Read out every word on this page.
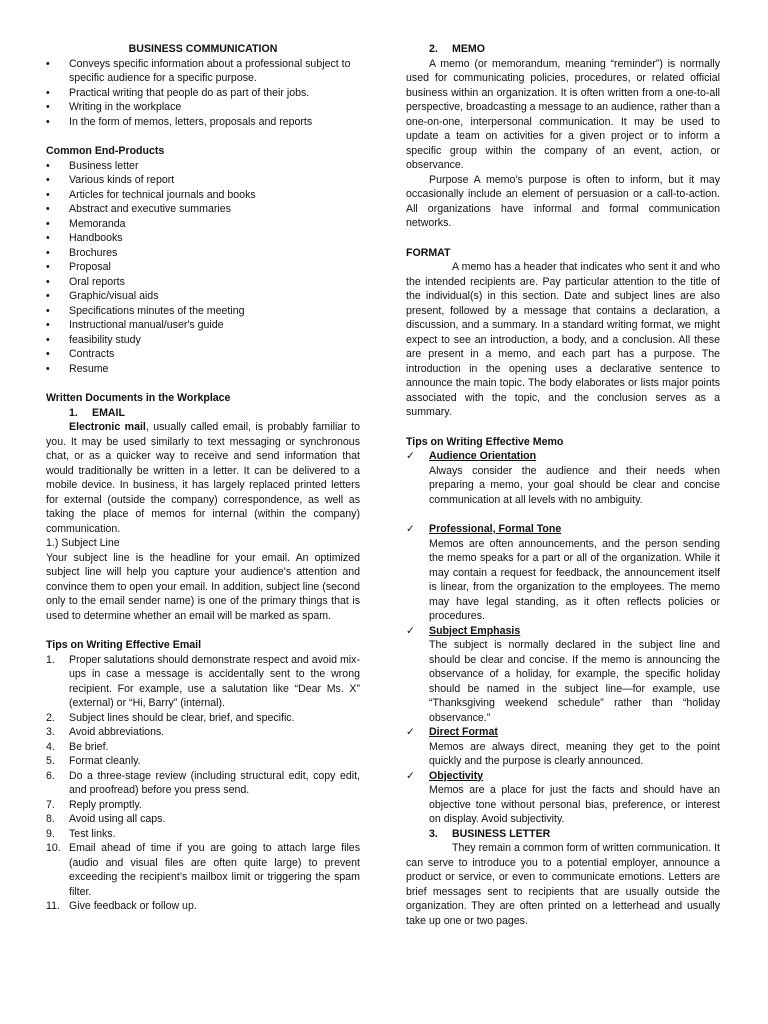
BUSINESS COMMUNICATION

• Conveys specific information about a professional subject to specific audience for a specific purpose.
• Practical writing that people do as part of their jobs.
• Writing in the workplace
• In the form of memos, letters, proposals and reports

Common End-Products

• Business letter
• Various kinds of report
• Articles for technical journals and books
• Abstract and executive summaries
• Memoranda
• Handbooks
• Brochures
• Proposal
• Oral reports
• Graphic/visual aids
• Specifications minutes of the meeting
• Instructional manual/user's guide
• feasibility study
• Contracts
• Resume

Written Documents in the Workplace

1. EMAIL

Electronic mail, usually called email, is probably familiar to you. It may be used similarly to text messaging or synchronous chat, or as a quicker way to receive and send information that would traditionally be written in a letter. It can be delivered to a mobile device. In business, it has largely replaced printed letters for external (outside the company) correspondence, as well as taking the place of memos for internal (within the company) communication.

1.) Subject Line

Your subject line is the headline for your email. An optimized subject line will help you capture your audience's attention and convince them to open your email. In addition, subject line (second only to the email sender name) is one of the primary things that is used to determine whether an email will be marked as spam.

Tips on Writing Effective Email

1. Proper salutations should demonstrate respect and avoid mix-ups in case a message is accidentally sent to the wrong recipient. For example, use a salutation like “Dear Ms. X” (external) or “Hi, Barry” (internal).
2. Subject lines should be clear, brief, and specific.
3. Avoid abbreviations.
4. Be brief.
5. Format cleanly.
6. Do a three-stage review (including structural edit, copy edit, and proofread) before you press send.
7. Reply promptly.
8. Avoid using all caps.
9. Test links.
10. Email ahead of time if you are going to attach large files (audio and visual files are often quite large) to prevent exceeding the recipient’s mailbox limit or triggering the spam filter.
11. Give feedback or follow up.
2. MEMO

A memo (or memorandum, meaning “reminder”) is normally used for communicating policies, procedures, or related official business within an organization. It is often written from a one-to-all perspective, broadcasting a message to an audience, rather than a one-on-one, interpersonal communication. It may be used to update a team on activities for a given project or to inform a specific group within the company of an event, action, or observance.

Purpose A memo’s purpose is often to inform, but it may occasionally include an element of persuasion or a call-to-action. All organizations have informal and formal communication networks.

FORMAT

A memo has a header that indicates who sent it and who the intended recipients are. Pay particular attention to the title of the individual(s) in this section. Date and subject lines are also present, followed by a message that contains a declaration, a discussion, and a summary. In a standard writing format, we might expect to see an introduction, a body, and a conclusion. All these are present in a memo, and each part has a purpose. The introduction in the opening uses a declarative sentence to announce the main topic. The body elaborates or lists major points associated with the topic, and the conclusion serves as a summary.

Tips on Writing Effective Memo

✓ Audience Orientation

Always consider the audience and their needs when preparing a memo, your goal should be clear and concise communication at all levels with no ambiguity.

✓ Professional, Formal Tone

Memos are often announcements, and the person sending the memo speaks for a part or all of the organization. While it may contain a request for feedback, the announcement itself is linear, from the organization to the employees. The memo may have legal standing, as it often reflects policies or procedures.

✓ Subject Emphasis

The subject is normally declared in the subject line and should be clear and concise. If the memo is announcing the observance of a holiday, for example, the specific holiday should be named in the subject line—for example, use “Thanksgiving weekend schedule” rather than “holiday observance.”

✓ Direct Format

Memos are always direct, meaning they get to the point quickly and the purpose is clearly announced.

✓ Objectivity

Memos are a place for just the facts and should have an objective tone without personal bias, preference, or interest on display. Avoid subjectivity.

3. BUSINESS LETTER

They remain a common form of written communication. It can serve to introduce you to a potential employer, announce a product or service, or even to communicate emotions. Letters are brief messages sent to recipients that are usually outside the organization. They are often printed on a letterhead and usually take up one or two pages.
